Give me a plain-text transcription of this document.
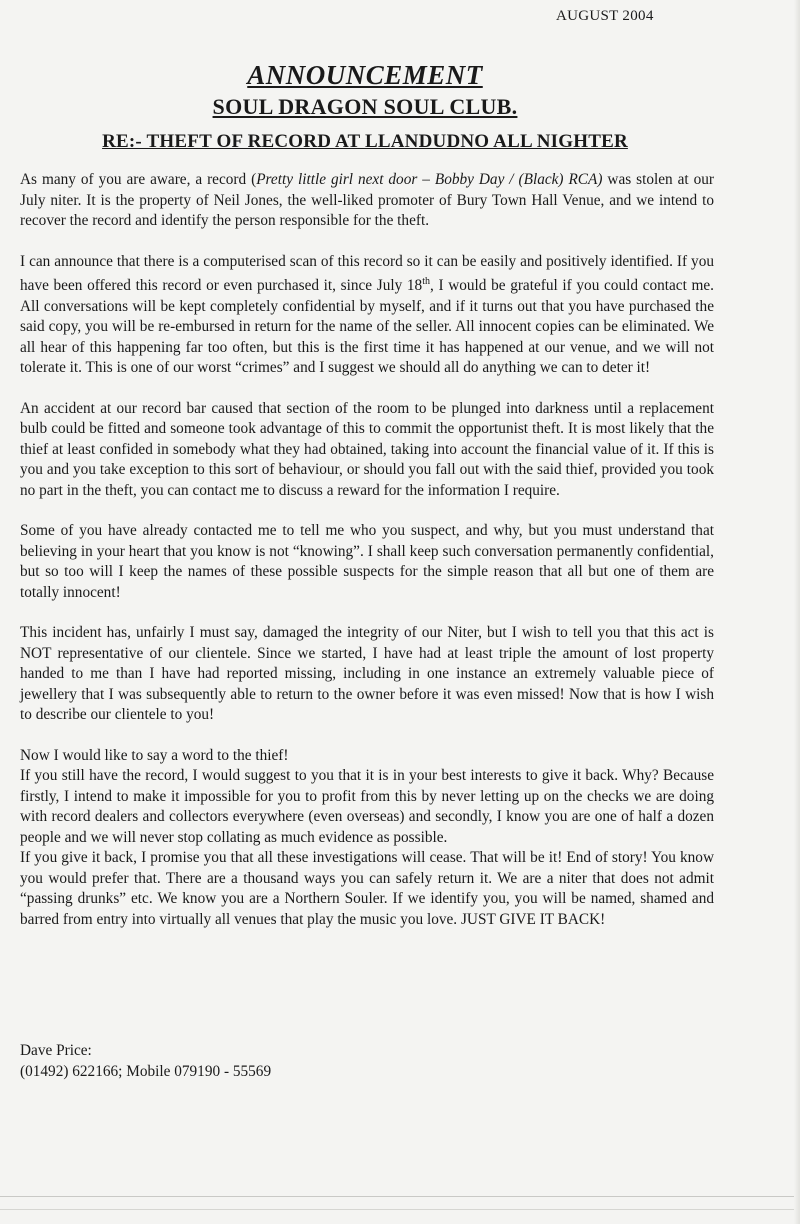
AUGUST 2004
ANNOUNCEMENT
SOUL DRAGON SOUL CLUB.
RE:- THEFT OF RECORD AT LLANDUDNO ALL NIGHTER

As many of you are aware, a record (Pretty little girl next door – Bobby Day / (Black) RCA) was stolen at our July niter. It is the property of Neil Jones, the well-liked promoter of Bury Town Hall Venue, and we intend to recover the record and identify the person responsible for the theft.

I can announce that there is a computerised scan of this record so it can be easily and positively identified. If you have been offered this record or even purchased it, since July 18th, I would be grateful if you could contact me. All conversations will be kept completely confidential by myself, and if it turns out that you have purchased the said copy, you will be re-embursed in return for the name of the seller. All innocent copies can be eliminated. We all hear of this happening far too often, but this is the first time it has happened at our venue, and we will not tolerate it. This is one of our worst “crimes” and I suggest we should all do anything we can to deter it!

An accident at our record bar caused that section of the room to be plunged into darkness until a replacement bulb could be fitted and someone took advantage of this to commit the opportunist theft. It is most likely that the thief at least confided in somebody what they had obtained, taking into account the financial value of it. If this is you and you take exception to this sort of behaviour, or should you fall out with the said thief, provided you took no part in the theft, you can contact me to discuss a reward for the information I require.

Some of you have already contacted me to tell me who you suspect, and why, but you must understand that believing in your heart that you know is not “knowing”. I shall keep such conversation permanently confidential, but so too will I keep the names of these possible suspects for the simple reason that all but one of them are totally innocent!

This incident has, unfairly I must say, damaged the integrity of our Niter, but I wish to tell you that this act is NOT representative of our clientele. Since we started, I have had at least triple the amount of lost property handed to me than I have had reported missing, including in one instance an extremely valuable piece of jewellery that I was subsequently able to return to the owner before it was even missed! Now that is how I wish to describe our clientele to you!

Now I would like to say a word to the thief!

If you still have the record, I would suggest to you that it is in your best interests to give it back. Why? Because firstly, I intend to make it impossible for you to profit from this by never letting up on the checks we are doing with record dealers and collectors everywhere (even overseas) and secondly, I know you are one of half a dozen people and we will never stop collating as much evidence as possible.

If you give it back, I promise you that all these investigations will cease. That will be it! End of story! You know you would prefer that. There are a thousand ways you can safely return it. We are a niter that does not admit “passing drunks” etc. We know you are a Northern Souler. If we identify you, you will be named, shamed and barred from entry into virtually all venues that play the music you love. JUST GIVE IT BACK!

Dave Price:
(01492) 622166; Mobile 079190 - 55569
